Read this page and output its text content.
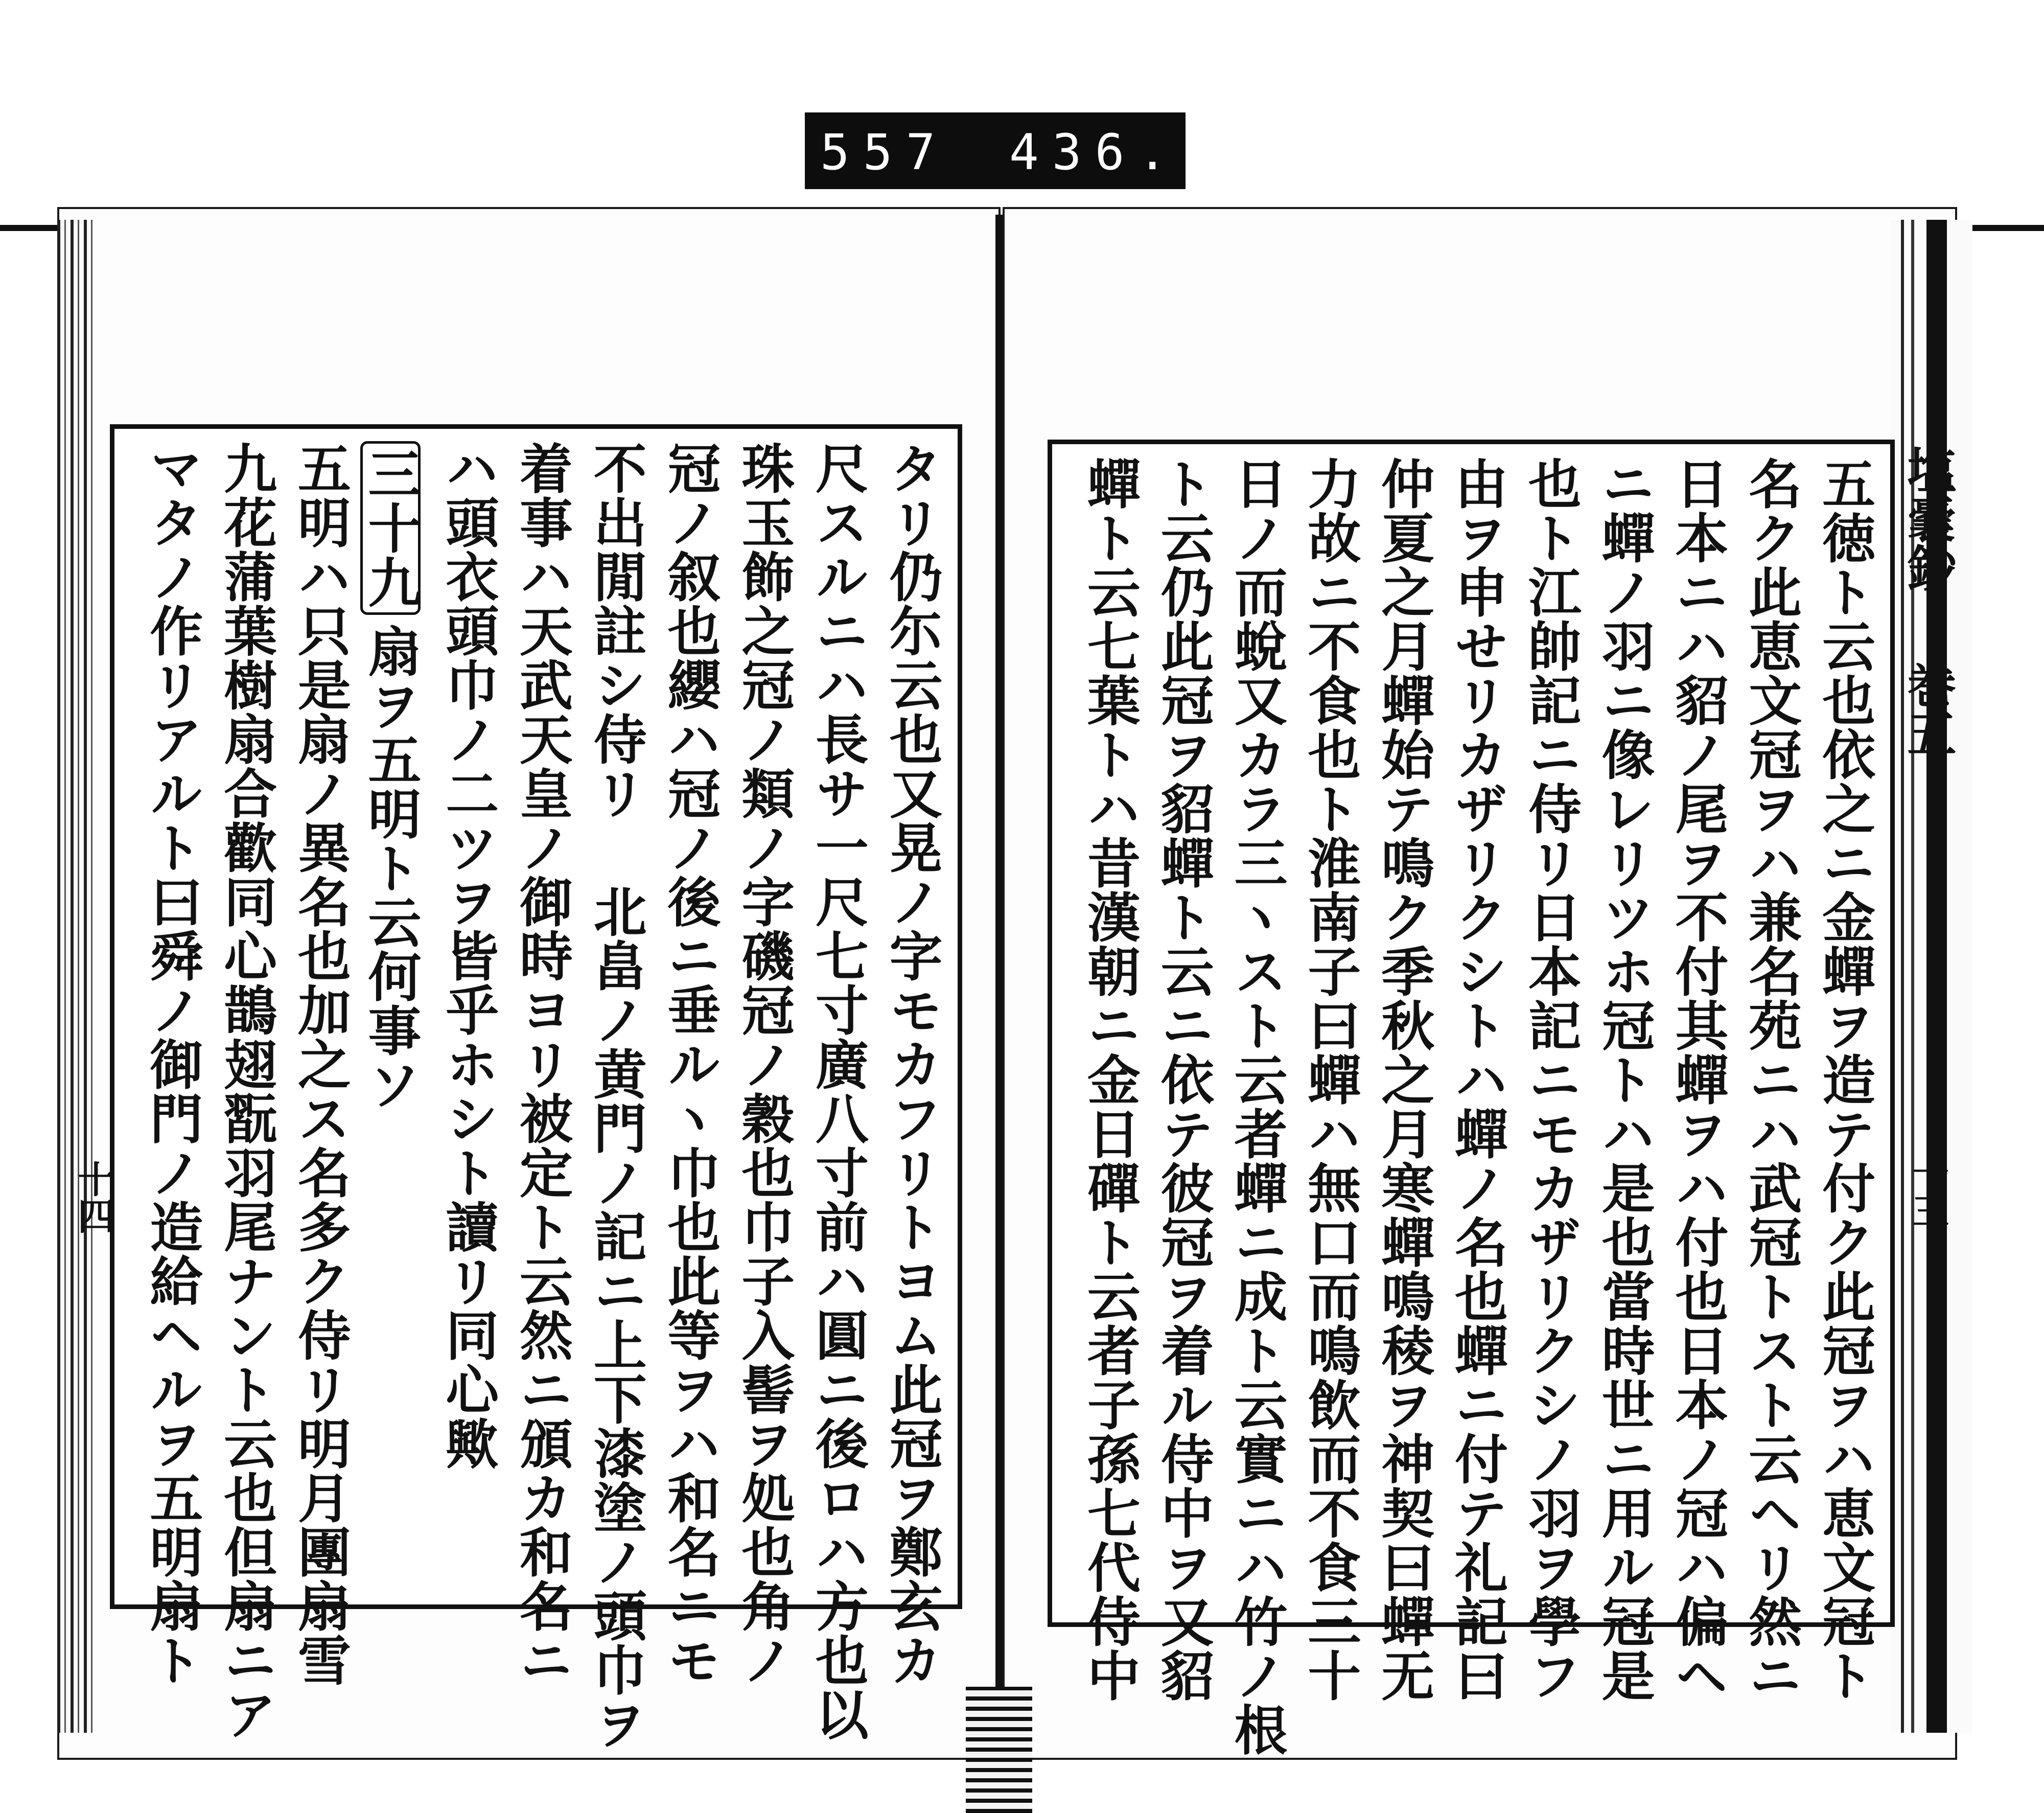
557 436.
五徳ト云也依之ニ金蟬ヲ造テ付ク此冠ヲハ恵文冠ト
名ク此恵文冠ヲハ兼名苑ニハ武冠トスト云ヘリ然ニ
日本ニハ貂ノ尾ヲ不付其蟬ヲハ付也日本ノ冠ハ偏ヘ
ニ蟬ノ羽ニ像レリツホ冠トハ是也當時世ニ用ル冠是
也ト江帥記ニ侍リ日本記ニモカザリクシノ羽ヲ學フ
由ヲ申せリカザリクシトハ蟬ノ名也蟬ニ付テ礼記曰
仲夏之月蟬始テ鳴ク季秋之月寒蟬鳴稜ヲ神契曰蟬无
力故ニ不食也ト淮南子曰蟬ハ無口而鳴飲而不食三十
日ノ而蛻又カラ三ヽスト云者蟬ニ成ト云實ニハ竹ノ根
ト云仍此冠ヲ貂蟬ト云ニ依テ彼冠ヲ着ル侍中ヲ又貂
蟬ト云七葉トハ昔漢朝ニ金日磾ト云者子孫七代侍中	塩嚢鈔
巻五
十三
タリ仍尓云也又晃ノ字モカフリトヨム此冠ヲ鄭玄カ
尺スルニハ長サ一尺七寸廣八寸前ハ圓ニ後ロハ方也以
珠玉飾之冠ノ類ノ字磯冠ノ穀也巾子入髻ヲ処也角ノ
冠ノ叙也纓ハ冠ノ後ニ垂ルヽ巾也此等ヲハ和名ニモ
不出閒註シ侍リ 北畠ノ黄門ノ記ニ上下漆塗ノ頭巾ヲ
着事ハ天武天皇ノ御時ヨリ被定ト云然ニ頒カ和名ニ
ハ頭衣頭巾ノ二ツヲ皆乎ホシト讀リ同心歟
三十九扇ヲ五明ト云何事ソ
五明ハ只是扇ノ異名也加之ス名多ク侍リ明月團扇雪
九花蒲葉樹扇合歡同心鵲翅翫羽尾ナント云也但扇ニア
マタノ作リアルト曰舜ノ御門ノ造給ヘルヲ五明扇ト
十四
